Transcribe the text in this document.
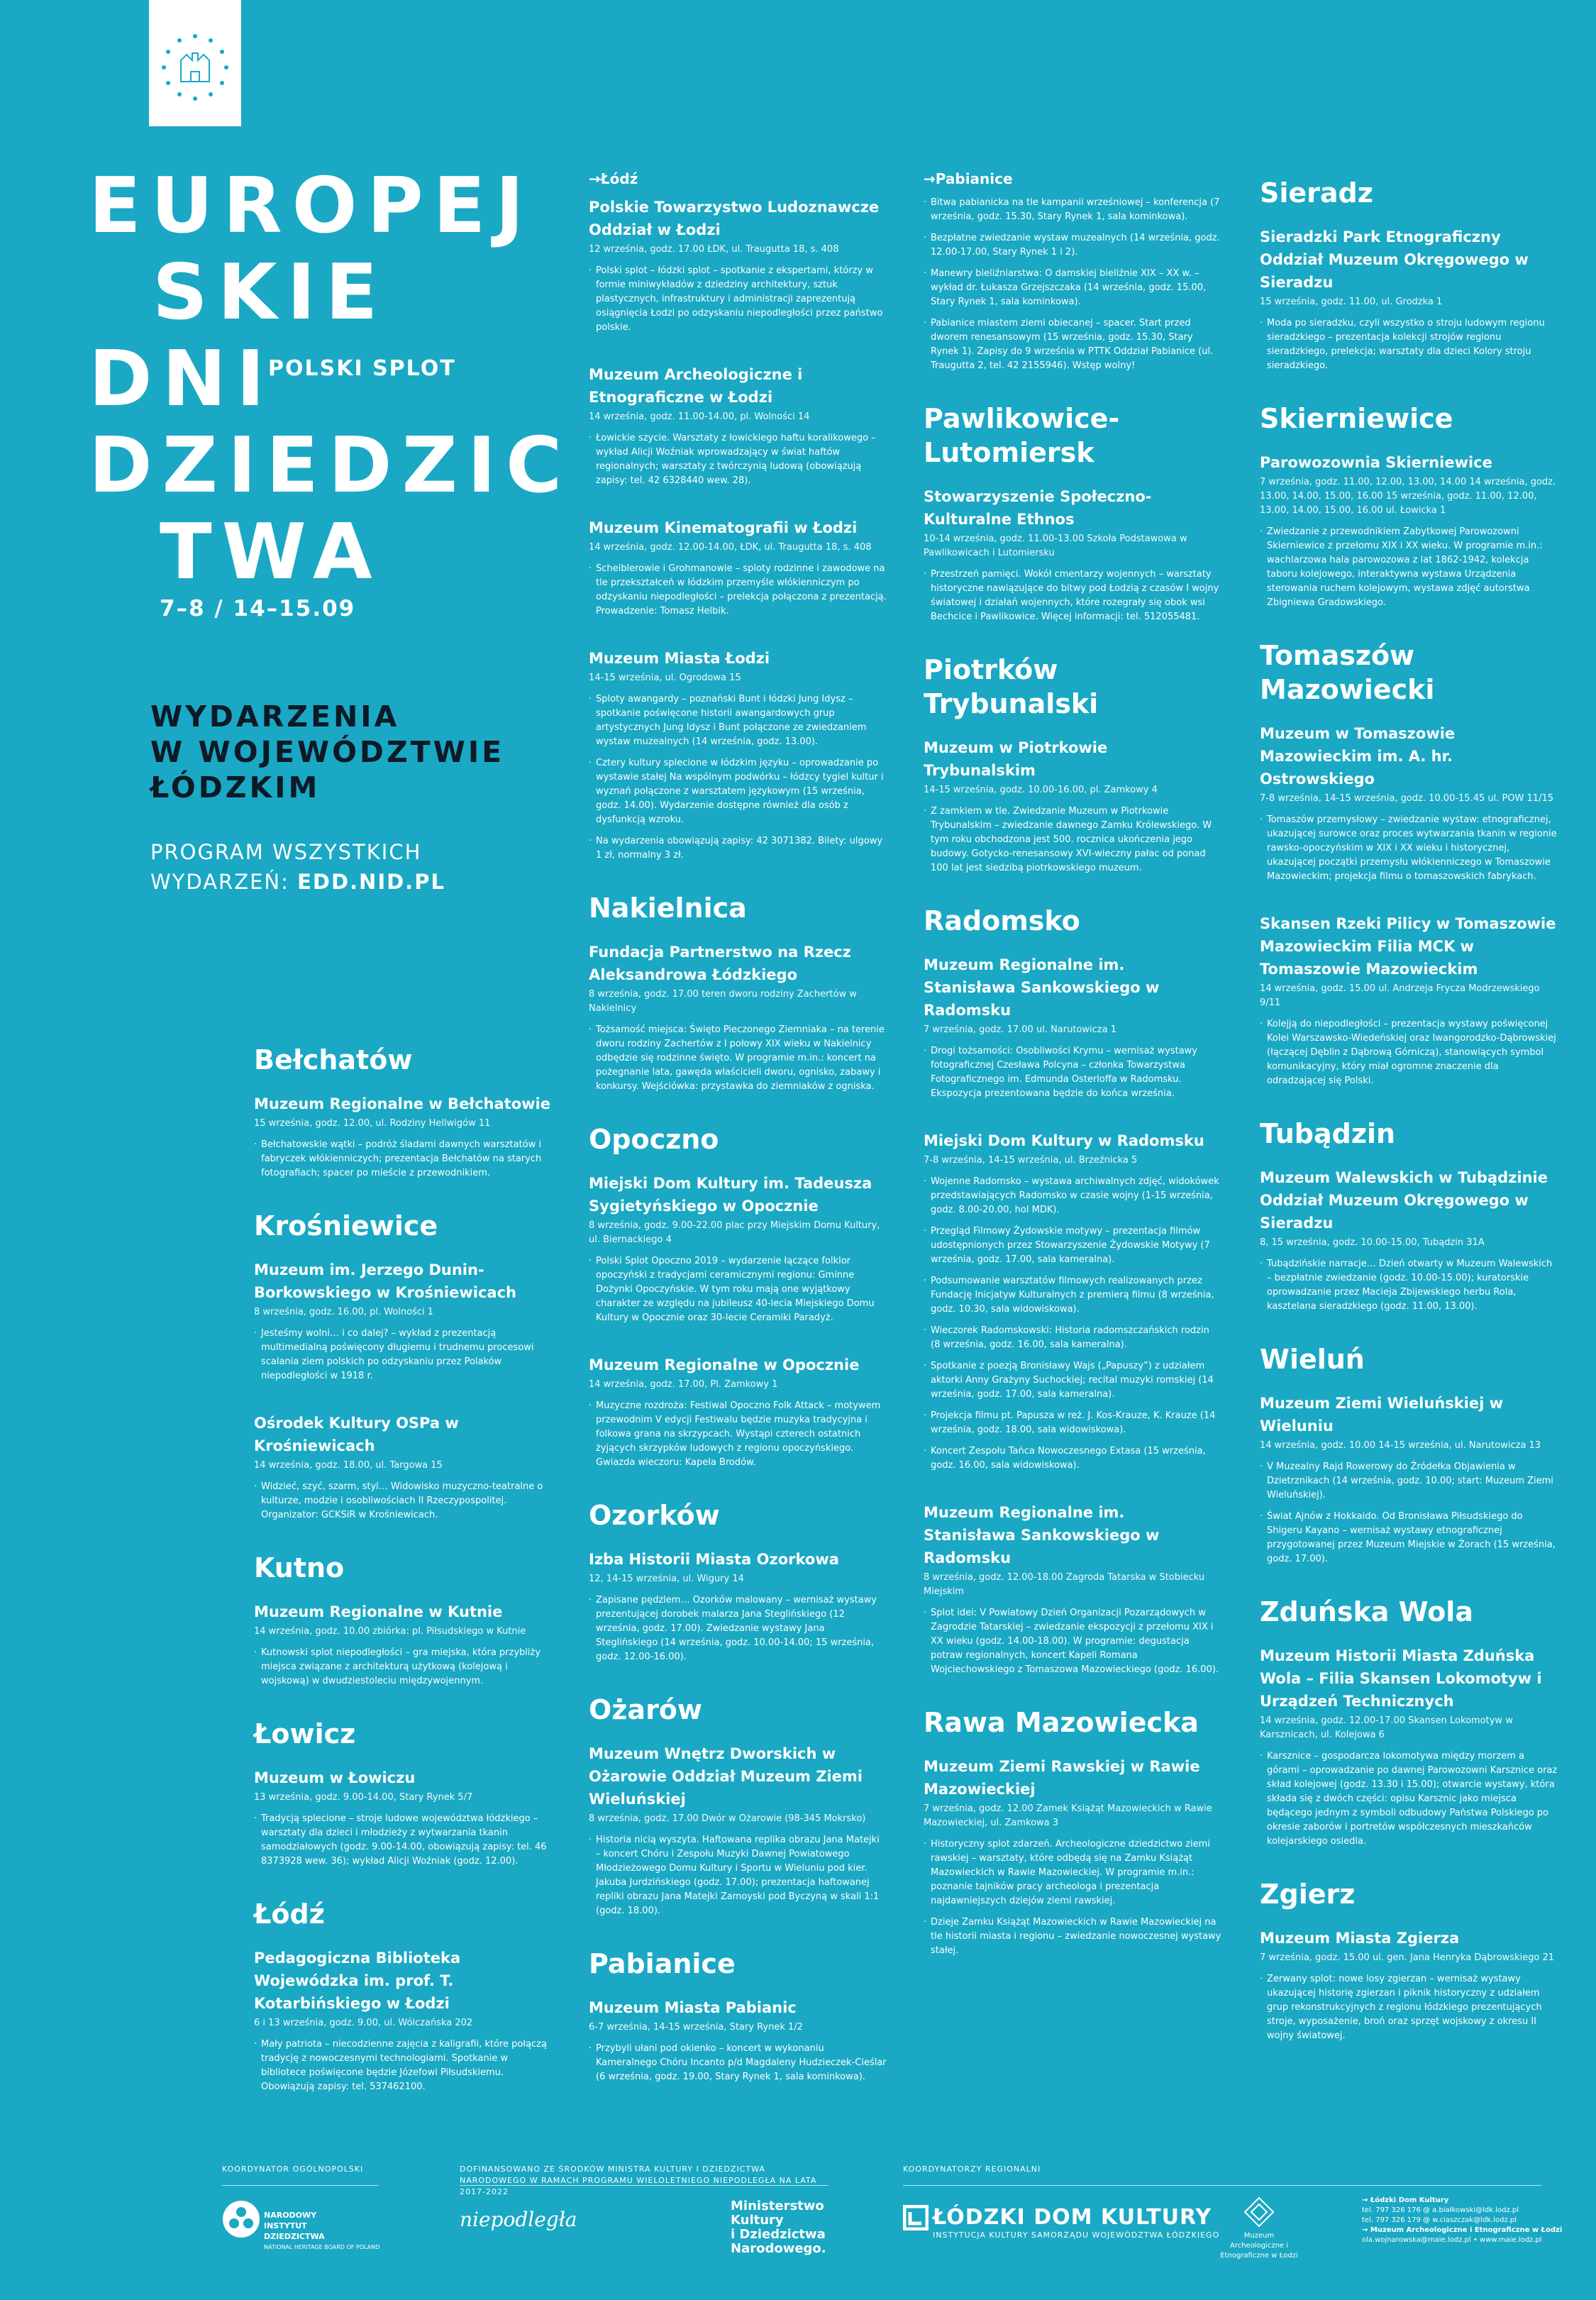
EUROPEJ
SKIE
DNI
DZIEDZIC
TWA
POLSKI SPLOT
7–8 / 14–15.09
WYDARZENIA
W WOJEWÓDZTWIE
ŁÓDZKIM
PROGRAM WSZYSTKICH
WYDARZEŃ: EDD.NID.PL
Bełchatów
Muzeum Regionalne w Bełchatowie
15 września, godz. 12.00, ul. Rodziny Hellwigów 11
· Bełchatowskie wątki – podróż śladami dawnych warsztatów i fabryczek włókienniczych; prezentacja Bełchatów na starych fotografiach; spacer po mieście z przewodnikiem.
Krośniewice
Muzeum im. Jerzego Dunin-Borkowskiego w Krośniewicach
8 września, godz. 16.00, pl. Wolności 1
· Jesteśmy wolni… i co dalej? – wykład z prezentacją multimedialną poświęcony długiemu i trudnemu procesowi scalania ziem polskich po odzyskaniu przez Polaków niepodległości w 1918 r.
Ośrodek Kultury OSPa w Krośniewicach
14 września, godz. 18.00, ul. Targowa 15
· Widzieć, szyć, szarm, styl… Widowisko muzyczno-teatralne o kulturze, modzie i osobliwościach II Rzeczypospolitej. Organizator: GCKSiR w Krośniewicach.
Kutno
Muzeum Regionalne w Kutnie
14 września, godz. 10.00 zbiórka: pl. Piłsudskiego w Kutnie
· Kutnowski splot niepodległości – gra miejska, która przybliży miejsca związane z architekturą użytkową (kolejową i wojskową) w dwudziestoleciu międzywojennym.
Łowicz
Muzeum w Łowiczu
13 września, godz. 9.00-14.00, Stary Rynek 5/7
· Tradycją splecione – stroje ludowe województwa łódzkiego – warsztaty dla dzieci i młodzieży z wytwarzania tkanin samodziałowych (godz. 9.00-14.00, obowiązują zapisy: tel. 46 8373928 wew. 36); wykład Alicji Woźniak (godz. 12.00).
Łódź
Pedagogiczna Biblioteka Wojewódzka im. prof. T. Kotarbińskiego w Łodzi
6 i 13 września, godz. 9.00, ul. Wólczańska 202
· Mały patriota – niecodzienne zajęcia z kaligrafii, które połączą tradycję z nowoczesnymi technologiami. Spotkanie w bibliotece poświęcone będzie Józefowi Piłsudskiemu. Obowiązują zapisy: tel. 537462100.
→Łódź
Polskie Towarzystwo Ludoznawcze Oddział w Łodzi
12 września, godz. 17.00 ŁDK, ul. Traugutta 18, s. 408
· Polski splot – łódzki splot – spotkanie z ekspertami, którzy w formie miniwykładów z dziedziny architektury, sztuk plastycznych, infrastruktury i administracji zaprezentują osiągnięcia Łodzi po odzyskaniu niepodległości przez państwo polskie.
Muzeum Archeologiczne i Etnograficzne w Łodzi
14 września, godz. 11.00-14.00, pl. Wolności 14
· Łowickie szycie. Warsztaty z łowickiego haftu koralikowego – wykład Alicji Woźniak wprowadzający w świat haftów regionalnych; warsztaty z twórczynią ludową (obowiązują zapisy: tel. 42 6328440 wew. 28).
Muzeum Kinematografii w Łodzi
14 września, godz. 12.00-14.00, ŁDK, ul. Traugutta 18, s. 408
· Scheiblerowie i Grohmanowie – sploty rodzinne i zawodowe na tle przekształceń w łódzkim przemyśle włókienniczym po odzyskaniu niepodległości – prelekcja połączona z prezentacją. Prowadzenie: Tomasz Helbik.
Muzeum Miasta Łodzi
14-15 września, ul. Ogrodowa 15
· Sploty awangardy – poznański Bunt i łódzki Jung Idysz – spotkanie poświęcone historii awangardowych grup artystycznych Jung Idysz i Bunt połączone ze zwiedzaniem wystaw muzealnych (14 września, godz. 13.00).
· Cztery kultury splecione w łódzkim języku – oprowadzanie po wystawie stałej Na wspólnym podwórku – łódzcy tygiel kultur i wyznań połączone z warsztatem językowym (15 września, godz. 14.00). Wydarzenie dostępne również dla osób z dysfunkcją wzroku.
· Na wydarzenia obowiązują zapisy: 42 3071382. Bilety: ulgowy 1 zł, normalny 3 zł.
Nakielnica
Fundacja Partnerstwo na Rzecz Aleksandrowa Łódzkiego
8 września, godz. 17.00 teren dworu rodziny Zachertów w Nakielnicy
· Tożsamość miejsca: Święto Pieczonego Ziemniaka – na terenie dworu rodziny Zachertów z I połowy XIX wieku w Nakielnicy odbędzie się rodzinne święto. W programie m.in.: koncert na pożegnanie lata, gawęda właścicieli dworu, ognisko, zabawy i konkursy. Wejściówka: przystawka do ziemniaków z ogniska.
Opoczno
Miejski Dom Kultury im. Tadeusza Sygietyńskiego w Opocznie
8 września, godz. 9.00-22.00 plac przy Miejskim Domu Kultury, ul. Biernackiego 4
· Polski Splot Opoczno 2019 – wydarzenie łączące folklor opoczyński z tradycjami ceramicznymi regionu: Gminne Dożynki Opoczyńskie. W tym roku mają one wyjątkowy charakter ze względu na jubileusz 40-lecia Miejskiego Domu Kultury w Opocznie oraz 30-lecie Ceramiki Paradyż.
Muzeum Regionalne w Opocznie
14 września, godz. 17.00, Pl. Zamkowy 1
· Muzyczne rozdroża: Festiwal Opoczno Folk Attack – motywem przewodnim V edycji Festiwalu będzie muzyka tradycyjna i folkowa grana na skrzypcach. Wystąpi czterech ostatnich żyjących skrzypków ludowych z regionu opoczyńskiego. Gwiazda wieczoru: Kapela Brodów.
Ozorków
Izba Historii Miasta Ozorkowa
12, 14-15 września, ul. Wigury 14
· Zapisane pędzlem… Ozorków malowany – wernisaż wystawy prezentującej dorobek malarza Jana Steglińskiego (12 września, godz. 17.00). Zwiedzanie wystawy Jana Steglińskiego (14 września, godz. 10.00-14.00; 15 września, godz. 12.00-16.00).
Ożarów
Muzeum Wnętrz Dworskich w Ożarowie Oddział Muzeum Ziemi Wieluńskiej
8 września, godz. 17.00 Dwór w Ożarowie (98-345 Mokrsko)
· Historia nicią wyszyta. Haftowana replika obrazu Jana Matejki – koncert Chóru i Zespołu Muzyki Dawnej Powiatowego Młodzieżowego Domu Kultury i Sportu w Wieluniu pod kier. Jakuba Jurdzińskiego (godz. 17.00); prezentacja haftowanej repliki obrazu Jana Matejki Zamoyski pod Byczyną w skali 1:1 (godz. 18.00).
Pabianice
Muzeum Miasta Pabianic
6-7 września, 14-15 września, Stary Rynek 1/2
· Przybyli ułani pod okienko – koncert w wykonaniu Kameralnego Chóru Incanto p/d Magdaleny Hudzieczek-Cieślar (6 września, godz. 19.00, Stary Rynek 1, sala kominkowa).
→Pabianice
· Bitwa pabianicka na tle kampanii wrześniowej – konferencja (7 września, godz. 15.30, Stary Rynek 1, sala kominkowa).
· Bezpłatne zwiedzanie wystaw muzealnych (14 września, godz. 12.00-17.00, Stary Rynek 1 i 2).
· Manewry bieliźniarstwa: O damskiej bieliźnie XIX – XX w. – wykład dr. Łukasza Grzejszczaka (14 września, godz. 15.00, Stary Rynek 1, sala kominkowa).
· Pabianice miastem ziemi obiecanej – spacer. Start przed dworem renesansowym (15 września, godz. 15.30, Stary Rynek 1). Zapisy do 9 września w PTTK Oddział Pabianice (ul. Traugutta 2, tel. 42 2155946). Wstęp wolny!
Pawlikowice-Lutomiersk
Stowarzyszenie Społeczno-Kulturalne Ethnos
10-14 września, godz. 11.00-13.00 Szkoła Podstawowa w Pawlikowicach i Lutomiersku
· Przestrzeń pamięci. Wokół cmentarzy wojennych – warsztaty historyczne nawiązujące do bitwy pod Łodzią z czasów I wojny światowej i działań wojennych, które rozegrały się obok wsi Bechcice i Pawlikowice. Więcej informacji: tel. 512055481.
Piotrków Trybunalski
Muzeum w Piotrkowie Trybunalskim
14-15 września, godz. 10.00-16.00, pl. Zamkowy 4
· Z zamkiem w tle. Zwiedzanie Muzeum w Piotrkowie Trybunalskim – zwiedzanie dawnego Zamku Królewskiego. W tym roku obchodzona jest 500. rocznica ukończenia jego budowy. Gotycko-renesansowy XVI-wieczny pałac od ponad 100 lat jest siedzibą piotrkowskiego muzeum.
Radomsko
Muzeum Regionalne im. Stanisława Sankowskiego w Radomsku
7 września, godz. 17.00 ul. Narutowicza 1
· Drogi tożsamości: Osobliwości Krymu – wernisaż wystawy fotograficznej Czesława Polcyna – członka Towarzystwa Fotograficznego im. Edmunda Osterloffa w Radomsku. Ekspozycja prezentowana będzie do końca września.
Miejski Dom Kultury w Radomsku
7-8 września, 14-15 września, ul. Brzeźnicka 5
· Wojenne Radomsko – wystawa archiwalnych zdjęć, widokówek przedstawiających Radomsko w czasie wojny (1-15 września, godz. 8.00-20.00, hol MDK).
· Przegląd Filmowy Żydowskie motywy – prezentacja filmów udostępnionych przez Stowarzyszenie Żydowskie Motywy (7 września, godz. 17.00, sala kameralna).
· Podsumowanie warsztatów filmowych realizowanych przez Fundację Inicjatyw Kulturalnych z premierą filmu (8 września, godz. 10.30, sala widowiskowa).
· Wieczorek Radomskowski: Historia radomszczańskich rodzin (8 września, godz. 16.00, sala kameralna).
· Spotkanie z poezją Bronisławy Wajs („Papuszy”) z udziałem aktorki Anny Grażyny Suchockiej; recital muzyki romskiej (14 września, godz. 17.00, sala kameralna).
· Projekcja filmu pt. Papusza w reż. J. Kos-Krauze, K. Krauze (14 września, godz. 18.00, sala widowiskowa).
· Koncert Zespołu Tańca Nowoczesnego Extasa (15 września, godz. 16.00, sala widowiskowa).
Muzeum Regionalne im. Stanisława Sankowskiego w Radomsku
8 września, godz. 12.00-18.00 Zagroda Tatarska w Stobiecku Miejskim
· Splot idei: V Powiatowy Dzień Organizacji Pozarządowych w Zagrodzie Tatarskiej – zwiedzanie ekspozycji z przełomu XIX i XX wieku (godz. 14.00-18.00). W programie: degustacja potraw regionalnych, koncert Kapeli Romana Wojciechowskiego z Tomaszowa Mazowieckiego (godz. 16.00).
Rawa Mazowiecka
Muzeum Ziemi Rawskiej w Rawie Mazowieckiej
7 września, godz. 12.00 Zamek Książąt Mazowieckich w Rawie Mazowieckiej, ul. Zamkowa 3
· Historyczny splot zdarzeń. Archeologiczne dziedzictwo ziemi rawskiej – warsztaty, które odbędą się na Zamku Książąt Mazowieckich w Rawie Mazowieckiej. W programie m.in.: poznanie tajników pracy archeologa i prezentacja najdawniejszych dziejów ziemi rawskiej.
· Dzieje Zamku Książąt Mazowieckich w Rawie Mazowieckiej na tle historii miasta i regionu – zwiedzanie nowoczesnej wystawy stałej.
Sieradz
Sieradzki Park Etnograficzny Oddział Muzeum Okręgowego w Sieradzu
15 września, godz. 11.00, ul. Grodzka 1
· Moda po sieradzku, czyli wszystko o stroju ludowym regionu sieradzkiego – prezentacja kolekcji strojów regionu sieradzkiego, prelekcja; warsztaty dla dzieci Kolory stroju sieradzkiego.
Skierniewice
Parowozownia Skierniewice
7 września, godz. 11.00, 12.00, 13.00, 14.00 14 września, godz. 13.00, 14.00, 15.00, 16.00 15 września, godz. 11.00, 12.00, 13.00, 14.00, 15.00, 16.00 ul. Łowicka 1
· Zwiedzanie z przewodnikiem Zabytkowej Parowozowni Skierniewice z przełomu XIX i XX wieku. W programie m.in.: wachlarzowa hala parowozowa z lat 1862-1942, kolekcja taboru kolejowego, interaktywna wystawa Urządzenia sterowania ruchem kolejowym, wystawa zdjęć autorstwa Zbigniewa Gradowskiego.
Tomaszów Mazowiecki
Muzeum w Tomaszowie Mazowieckim im. A. hr. Ostrowskiego
7-8 września, 14-15 września, godz. 10.00-15.45 ul. POW 11/15
· Tomaszów przemysłowy – zwiedzanie wystaw: etnograficznej, ukazującej surowce oraz proces wytwarzania tkanin w regionie rawsko-opoczyńskim w XIX i XX wieku i historycznej, ukazującej początki przemysłu włókienniczego w Tomaszowie Mazowieckim; projekcja filmu o tomaszowskich fabrykach.
Skansen Rzeki Pilicy w Tomaszowie Mazowieckim Filia MCK w Tomaszowie Mazowieckim
14 września, godz. 15.00 ul. Andrzeja Frycza Modrzewskiego 9/11
· Kolejją do niepodległości – prezentacja wystawy poświęconej Kolei Warszawsko-Wiedeńskiej oraz Iwangorodzko-Dąbrowskiej (łączącej Dęblin z Dąbrową Górniczą), stanowiących symbol komunikacyjny, który miał ogromne znaczenie dla odradzającej się Polski.
Tubądzin
Muzeum Walewskich w Tubądzinie Oddział Muzeum Okręgowego w Sieradzu
8, 15 września, godz. 10.00-15.00, Tubądzin 31A
· Tubądzińskie narracje… Dzień otwarty w Muzeum Walewskich – bezpłatnie zwiedzanie (godz. 10.00-15.00); kuratorskie oprowadzanie przez Macieja Zbijewskiego herbu Rola, kasztelana sieradzkiego (godz. 11.00, 13.00).
Wieluń
Muzeum Ziemi Wieluńskiej w Wieluniu
14 września, godz. 10.00 14-15 września, ul. Narutowicza 13
· V Muzealny Rajd Rowerowy do Źródełka Objawienia w Dzietrznikach (14 września, godz. 10.00; start: Muzeum Ziemi Wieluńskiej).
· Świat Ajnów z Hokkaido. Od Bronisława Piłsudskiego do Shigeru Kayano – wernisaż wystawy etnograficznej przygotowanej przez Muzeum Miejskie w Żorach (15 września, godz. 17.00).
Zduńska Wola
Muzeum Historii Miasta Zduńska Wola – Filia Skansen Lokomotyw i Urządzeń Technicznych
14 września, godz. 12.00-17.00 Skansen Lokomotyw w Karsznicach, ul. Kolejowa 6
· Karsznice – gospodarcza lokomotywa między morzem a górami – oprowadzanie po dawnej Parowozowni Karsznice oraz skład kolejowej (godz. 13.30 i 15.00); otwarcie wystawy, która składa się z dwóch części: opisu Karsznic jako miejsca będącego jednym z symboli odbudowy Państwa Polskiego po okresie zaborów i portretów współczesnych mieszkańców kolejarskiego osiedla.
Zgierz
Muzeum Miasta Zgierza
7 września, godz. 15.00 ul. gen. Jana Henryka Dąbrowskiego 21
· Zerwany splot: nowe losy zgierzan – wernisaż wystawy ukazującej historię zgierzan i piknik historyczny z udziałem grup rekonstrukcyjnych z regionu łódzkiego prezentujących stroje, wyposażenie, broń oraz sprzęt wojskowy z okresu II wojny światowej.
KOORDYNATOR OGÓLNOPOLSKI	DOFINANSOWANO ZE ŚRODKÓW MINISTRA KULTURY I DZIEDZICTWA NARODOWEGO W RAMACH PROGRAMU WIELOLETNIEGO NIEPODLEGŁA NA LATA 2017-2022
KOORDYNATORZY REGIONALNI
NARODOWY INSTYTUT DZIEDZICTWA
NATIONAL HERITAGE BOARD OF POLAND
niepodległa
Ministerstwo
Kultury
i Dziedzictwa
Narodowego.
ŁÓDZKI DOM KULTURY
INSTYTUCJA KULTURY SAMORZĄDU WOJEWÓDZTWA ŁÓDZKIEGO	Muzeum Archeologiczne i Etnograficzne w Łodzi
→ Łódzki Dom Kultury
tel. 797 326 176 @ a.białkowski@ldk.lodz.pl
tel. 797 326 179 @ w.ciaszczak@ldk.lodz.pl
→ Muzeum Archeologiczne i Etnograficzne w Łodzi
ola.wojnarowska@maie.lodz.pl • www.maie.lodz.pl
